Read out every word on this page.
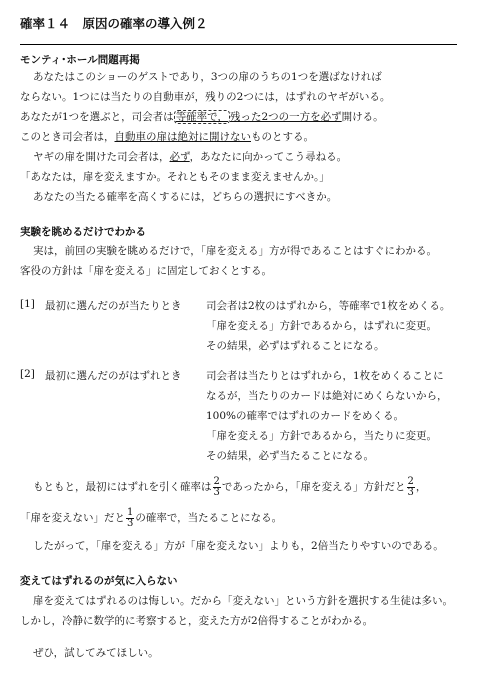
確率１４　原因の確率の導入例２
モンティ･ホール問題再掲
あなたはこのショーのゲストであり，3つの扉のうちの1つを選ばなければ
ならない。1つには当たりの自動車が，残りの2つには，はずれのヤギがいる。
あなたが1つを選ぶと，司会者は 等確率で， 残った2つの一方を必ず開ける。
このとき司会者は，自動車の扉は絶対に開けないものとする。
ヤギの扉を開けた司会者は，必ず，あなたに向かってこう尋ねる。
「あなたは，扉を変えますか。それともそのまま変えませんか。」
あなたの当たる確率を高くするには，どちらの選択にすべきか。
実験を眺めるだけでわかる
実は，前回の実験を眺めるだけで，「扉を変える」方が得であることはすぐにわかる。
客役の方針は「扉を変える」に固定しておくとする。
[1] 最初に選んだのが当たりとき 司会者は2枚のはずれから，等確率で1枚をめくる。
「扉を変える」方針であるから，はずれに変更。
その結果，必ずはずれることになる。
[2] 最初に選んだのがはずれとき 司会者は当たりとはずれから，1枚をめくることに
なるが，当たりのカードは絶対にめくらないから，
100%の確率ではずれのカードをめくる。
「扉を変える」方針であるから，当たりに変更。
その結果，必ず当たることになる。
もともと，最初にはずれを引く確率は $\frac{2}{3}$ であったから，「扉を変える」方針だと $\frac{2}{3}$ ，
「扉を変えない」だと $\frac{1}{3}$ の確率で，当たることになる。
したがって，「扉を変える」方が「扉を変えない」よりも，2倍当たりやすいのである。
変えてはずれるのが気に入らない
扉を変えてはずれるのは悔しい。だから「変えない」という方針を選択する生徒は多い。
しかし，冷静に数学的に考察すると，変えた方が2倍得することがわかる。
ぜひ，試してみてほしい。
